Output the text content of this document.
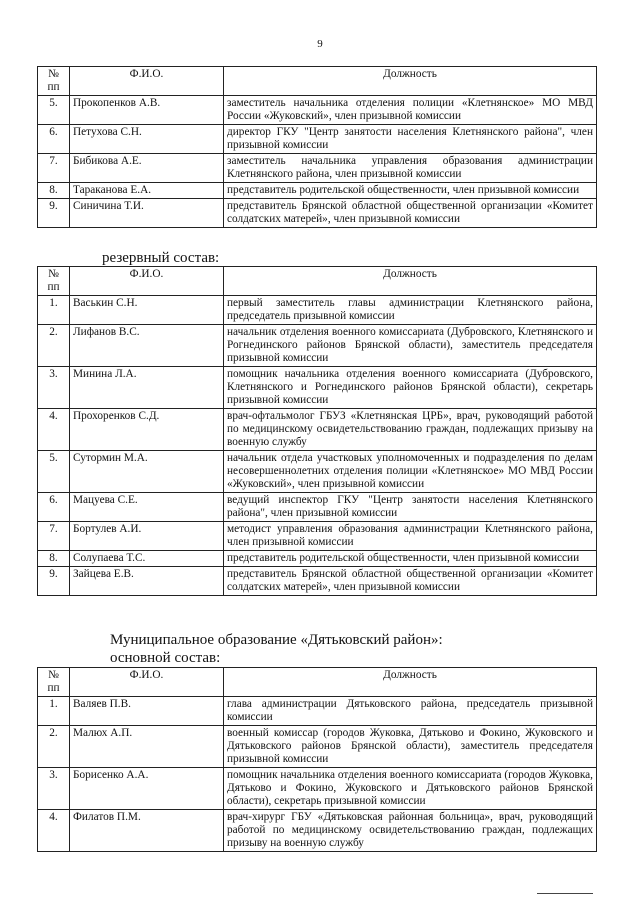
9
№ пп	Ф.И.О.	Должность
5.	Прокопенков А.В.	заместитель начальника отделения полиции «Клетнянское» МО МВД России «Жуковский», член призывной комиссии
6.	Петухова С.Н.	директор ГКУ "Центр занятости населения Клетнянского района", член призывной комиссии
7.	Бибикова А.Е.	заместитель начальника управления образования администрации Клетнянского района, член призывной комиссии
8.	Тараканова Е.А.	представитель родительской общественности, член призывной комиссии
9.	Синичина Т.И.	представитель Брянской областной общественной организации «Комитет солдатских матерей», член призывной комиссии
резервный состав:
№ пп	Ф.И.О.	Должность
1.	Васькин С.Н.	первый заместитель главы администрации Клетнянского района, председатель призывной комиссии
2.	Лифанов В.С.	начальник отделения военного комиссариата (Дубровского, Клетнянского и Рогнединского районов Брянской области), заместитель председателя призывной комиссии
3.	Минина Л.А.	помощник начальника отделения военного комиссариата (Дубровского, Клетнянского и Рогнединского районов Брянской области), секретарь призывной комиссии
4.	Прохоренков С.Д.	врач-офтальмолог ГБУЗ «Клетнянская ЦРБ», врач, руководящий работой по медицинскому освидетельствованию граждан, подлежащих призыву на военную службу
5.	Сутормин М.А.	начальник отдела участковых уполномоченных и подразделения по делам несовершеннолетних отделения полиции «Клетнянское» МО МВД России «Жуковский», член призывной комиссии
6.	Мацуева С.Е.	ведущий инспектор ГКУ "Центр занятости населения Клетнянского района", член призывной комиссии
7.	Бортулев А.И.	методист управления образования администрации Клетнянского района, член призывной комиссии
8.	Солупаева Т.С.	представитель родительской общественности, член призывной комиссии
9.	Зайцева Е.В.	представитель Брянской областной общественной организации «Комитет солдатских матерей», член призывной комиссии
Муниципальное образование «Дятьковский район»:
основной состав:
№ пп	Ф.И.О.	Должность
1.	Валяев П.В.	глава администрации Дятьковского района, председатель призывной комиссии
2.	Малюх А.П.	военный комиссар (городов Жуковка, Дятьково и Фокино, Жуковского и Дятьковского районов Брянской области), заместитель председателя призывной комиссии
3.	Борисенко А.А.	помощник начальника отделения военного комиссариата (городов Жуковка, Дятьково и Фокино, Жуковского и Дятьковского районов Брянской области), секретарь призывной комиссии
4.	Филатов П.М.	врач-хирург ГБУ «Дятьковская районная больница», врач, руководящий работой по медицинскому освидетельствованию граждан, подлежащих призыву на военную службу
